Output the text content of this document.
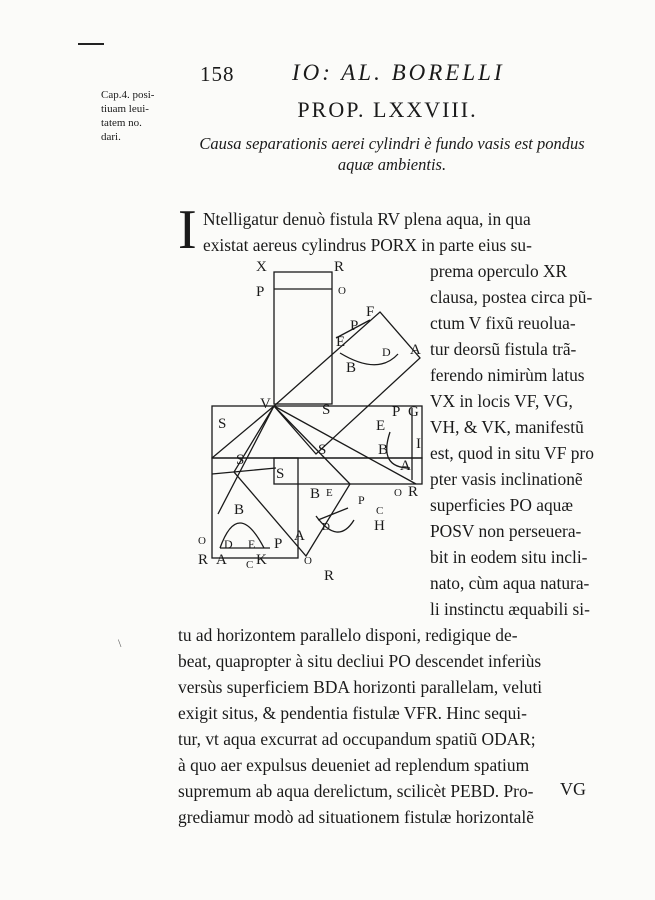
158	IO: AL. BORELLI
Cap.4. posi-
tiuam leui-
tatem no.
dari.
PROP. LXXVIII.
Causa separationis aerei cylindri è fundo vasis est pondus
aquæ ambientis.
I Ntelligatur denuò fistula RV plena aqua, in qua
existat aereus cylindrus PORX in parte eius su-
prema operculo XR
clausa, postea circa pũ-
ctum V fixũ reuolua-
tur deorsũ fistula trã-
ferendo nimirùm latus
VX in locis VF, VG,
VH, & VK, manifestũ
est, quod in situ VF pro
pter vasis inclinationẽ
superficies PO aquæ
POSV non perseuera-
bit in eodem situ incli-
nato, cùm aqua natura-
li instinctu æquabili si-
tu ad horizontem parallelo disponi, redigique de-
beat, quapropter à situ decliui PO descendet inferiùs
versùs superficiem BDA horizonti parallelam, veluti
exigit situs, & pendentia fistulæ VFR. Hinc sequi-
tur, vt aqua excurrat ad occupandum spatiũ ODAR;
à quo aer expulsus deueniet ad replendum spatium
supremum ab aqua derelictum, scilicèt PEBD. Pro-
grediamur modò ad situationem fistulæ horizontalẽ
VG
\
X	R
P	O
F
P
E
D A
B
V
S
S	P G
E
I
S
S	B
A
S
O R
B E P
C
H
D
B
O D E P A
R A C K	O
R
